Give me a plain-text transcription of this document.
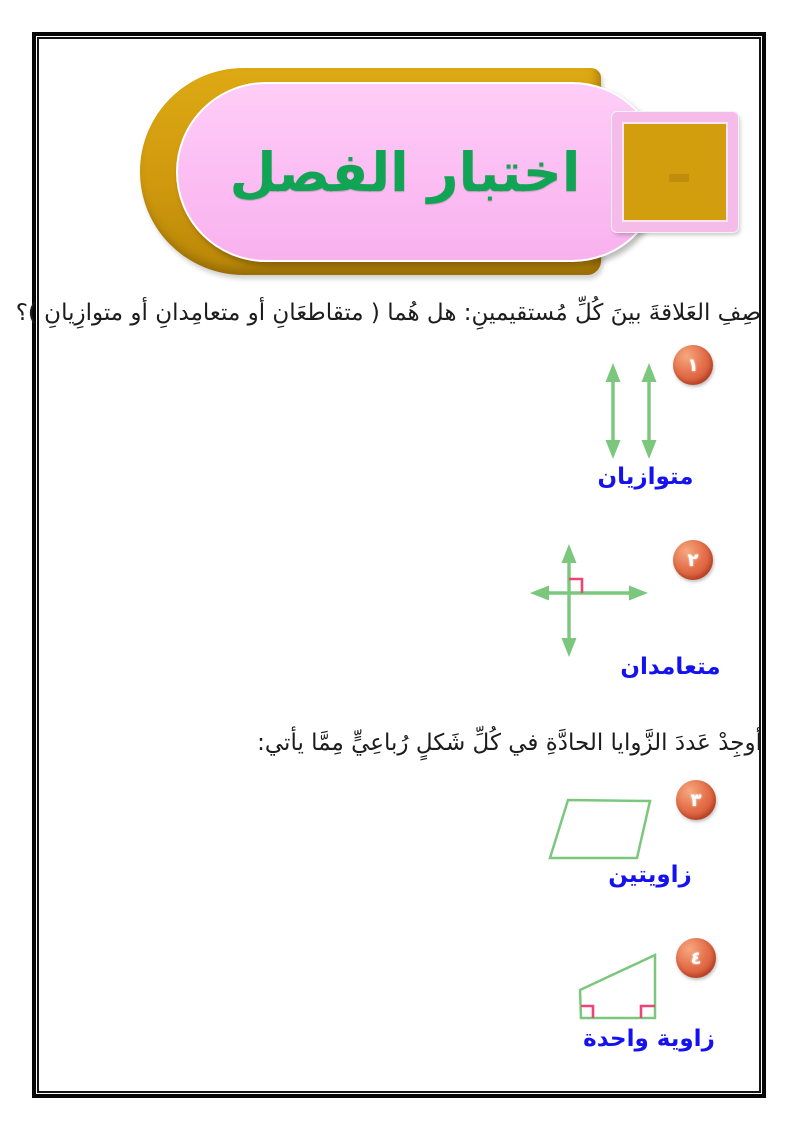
اختبار الفصل
صِفِ العَلاقةَ بينَ كُلِّ مُستقيمينِ: هل هُما ( متقاطعَانِ أو متعامِدانِ أو متوازِيانِ )؟
١
متوازيان
٢
متعامدان
أوجِدْ عَددَ الزَّوايا الحادَّةِ في كُلِّ شَكلٍ رُباعِيٍّ مِمَّا يأتي:
٣
زاويتين
٤
زاوية واحدة
